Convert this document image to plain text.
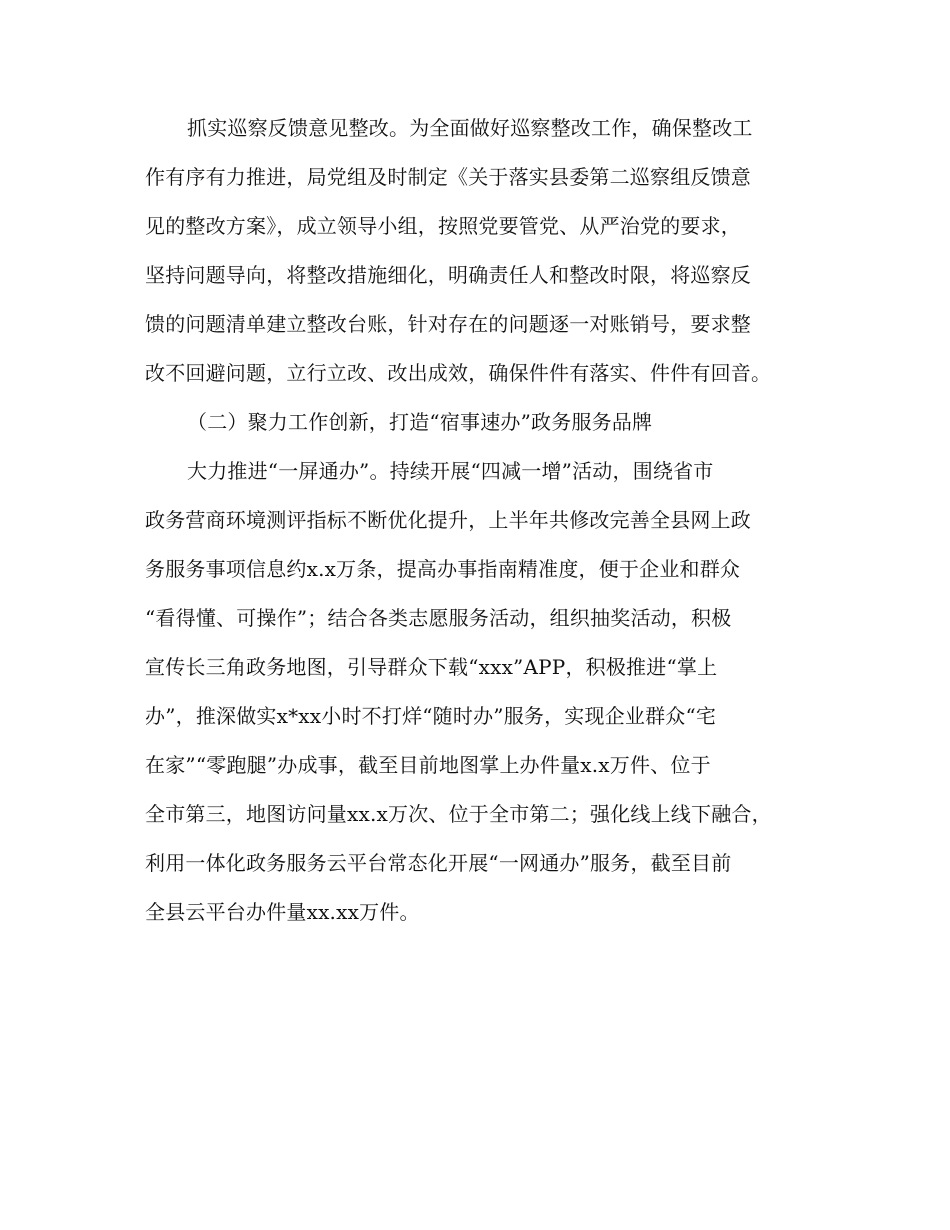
抓实巡察反馈意见整改。为全面做好巡察整改工作，确保整改工
作有序有力推进，局党组及时制定《关于落实县委第二巡察组反馈意
见的整改方案》，成立领导小组，按照党要管党、从严治党的要求，
坚持问题导向，将整改措施细化，明确责任人和整改时限，将巡察反
馈的问题清单建立整改台账，针对存在的问题逐一对账销号，要求整
改不回避问题，立行立改、改出成效，确保件件有落实、件件有回音。
（二）聚力工作创新，打造“宿事速办”政务服务品牌
大力推进“一屏通办”。持续开展“四减一增”活动，围绕省市
政务营商环境测评指标不断优化提升，上半年共修改完善全县网上政
务服务事项信息约x.x万条，提高办事指南精准度，便于企业和群众
“看得懂、可操作”；结合各类志愿服务活动，组织抽奖活动，积极
宣传长三角政务地图，引导群众下载“xxx”APP，积极推进“掌上
办”，推深做实x*xx小时不打烊“随时办”服务，实现企业群众“宅
在家”“零跑腿”办成事，截至目前地图掌上办件量x.x万件、位于
全市第三，地图访问量xx.x万次、位于全市第二；强化线上线下融合，
利用一体化政务服务云平台常态化开展“一网通办”服务，截至目前
全县云平台办件量xx.xx万件。
